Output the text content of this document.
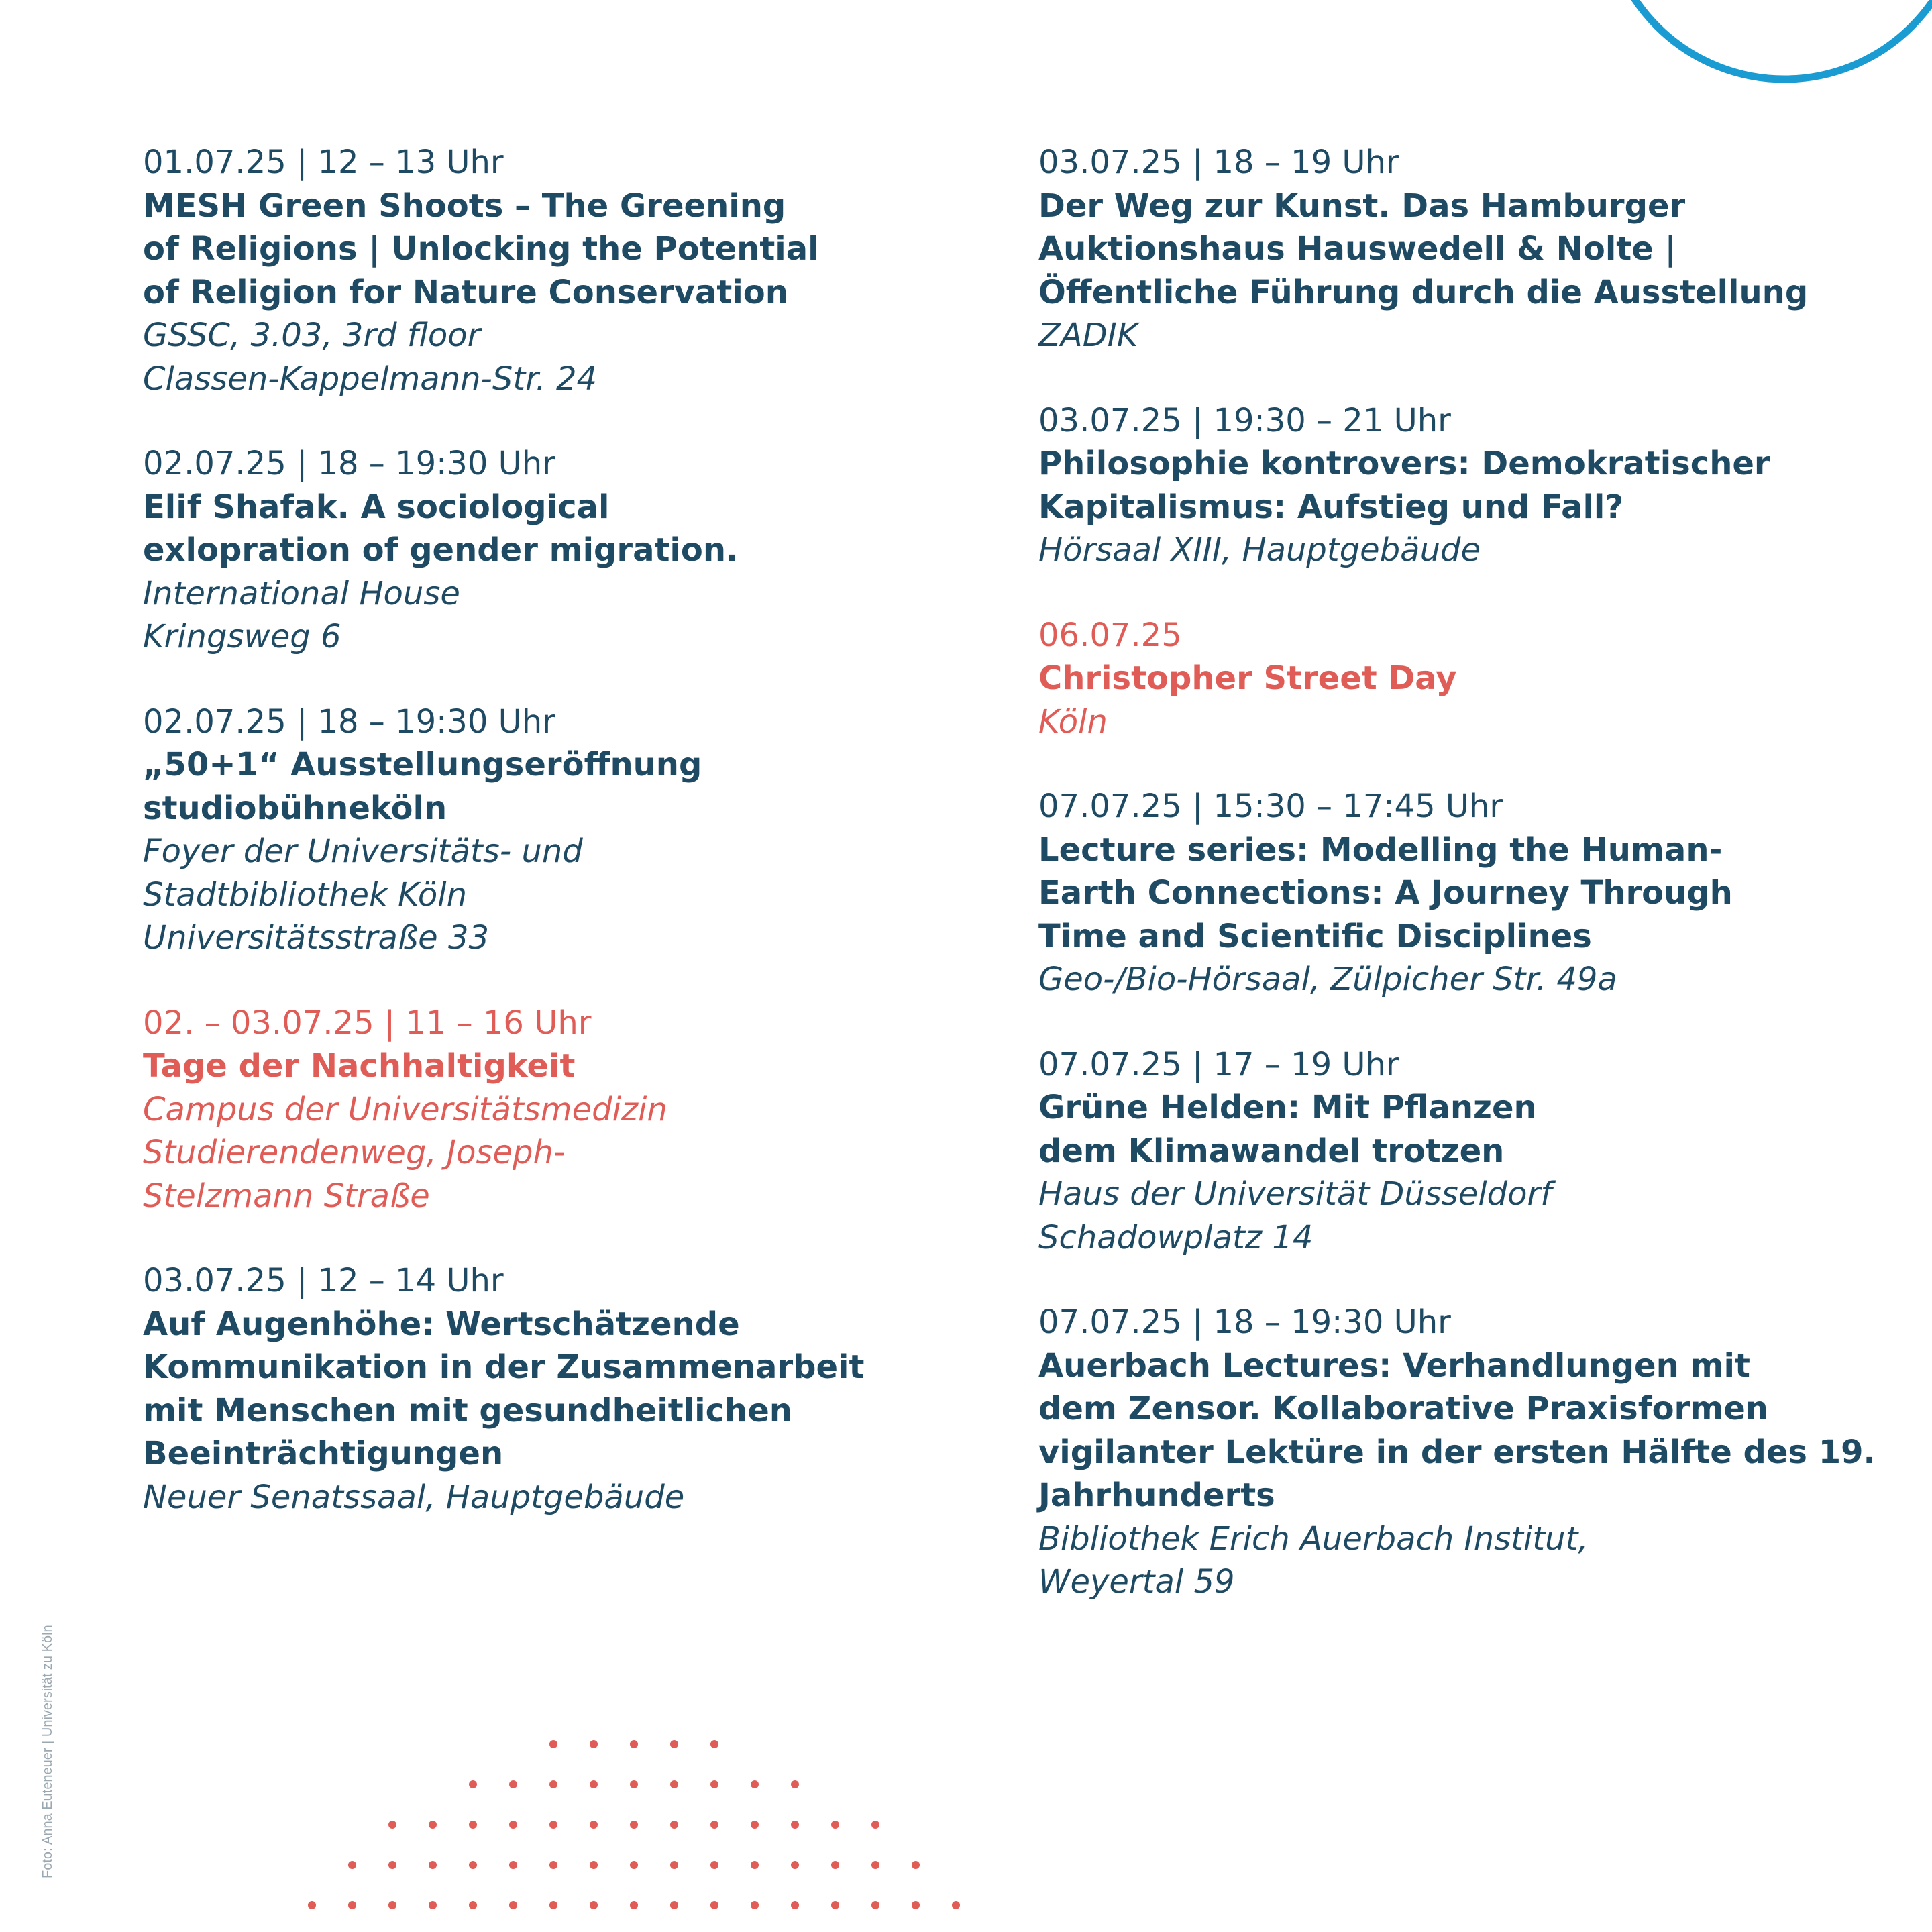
01.07.25 | 12 – 13 Uhr
MESH Green Shoots – The Greening
of Religions | Unlocking the Potential
of Religion for Nature Conservation
GSSC, 3.03, 3rd floor
Classen-Kappelmann-Str. 24
02.07.25 | 18 – 19:30 Uhr
Elif Shafak. A sociological
exlopration of gender migration.
International House
Kringsweg 6
02.07.25 | 18 – 19:30 Uhr
„50+1“ Ausstellungseröffnung
studiobühneköln
Foyer der Universitäts- und
Stadtbibliothek Köln
Universitätsstraße 33
02. – 03.07.25 | 11 – 16 Uhr
Tage der Nachhaltigkeit
Campus der Universitätsmedizin
Studierendenweg, Joseph-
Stelzmann Straße
03.07.25 | 12 – 14 Uhr
Auf Augenhöhe: Wertschätzende
Kommunikation in der Zusammenarbeit
mit Menschen mit gesundheitlichen
Beeinträchtigungen
Neuer Senatssaal, Hauptgebäude
03.07.25 | 18 – 19 Uhr
Der Weg zur Kunst. Das Hamburger
Auktionshaus Hauswedell & Nolte |
Öffentliche Führung durch die Ausstellung
ZADIK
03.07.25 | 19:30 – 21 Uhr
Philosophie kontrovers: Demokratischer
Kapitalismus: Aufstieg und Fall?
Hörsaal XIII, Hauptgebäude
06.07.25
Christopher Street Day
Köln
07.07.25 | 15:30 – 17:45 Uhr
Lecture series: Modelling the Human-
Earth Connections: A Journey Through
Time and Scientific Disciplines
Geo-/Bio-Hörsaal, Zülpicher Str. 49a
07.07.25 | 17 – 19 Uhr
Grüne Helden: Mit Pflanzen
dem Klimawandel trotzen
Haus der Universität Düsseldorf
Schadowplatz 14
07.07.25 | 18 – 19:30 Uhr
Auerbach Lectures: Verhandlungen mit
dem Zensor. Kollaborative Praxisformen
vigilanter Lektüre in der ersten Hälfte des 19.
Jahrhunderts
Bibliothek Erich Auerbach Institut,
Weyertal 59
Foto: Anna Euteneuer | Universität zu Köln
